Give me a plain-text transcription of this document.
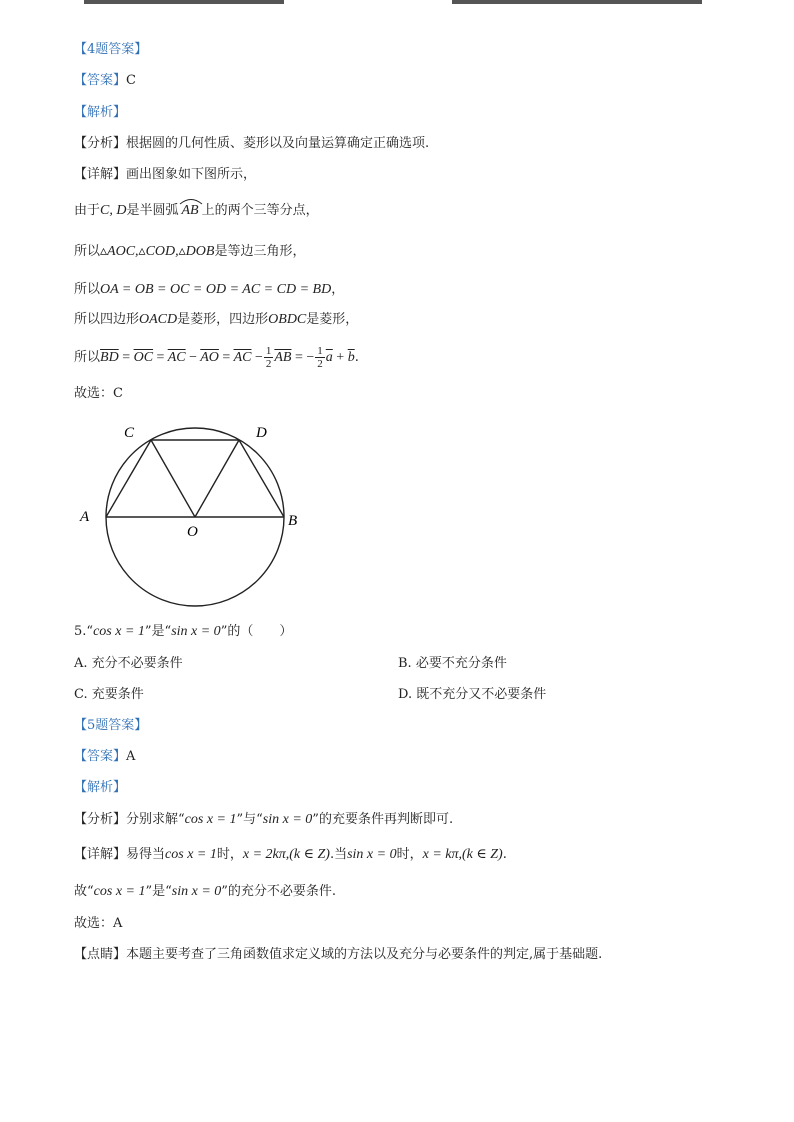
【4题答案】
【答案】C
【解析】
【分析】根据圆的几何性质、菱形以及向量运算确定正确选项.
【详解】画出图象如下图所示，
由于C, D是半圆弧 AB 上的两个三等分点，
所以▵AOC,▵COD,▵DOB是等边三角形，
所以OA = OB = OC = OD = AC = CD = BD，
所以四边形OACD是菱形，四边形OBDC是菱形，
所以$\overline{BD} = \overline{OC} = \overline{AC} - \overline{AO} = \overline{AC} - \frac{1}{2} \overline{AB}$ = − $\frac{1}{2} \overline{a} + \overline{b}$.
故选：C
C	D
A	B
O
5.“cos x = 1”是“sin x = 0”的（　　）
A. 充分不必要条件	B. 必要不充分条件
C. 充要条件	D. 既不充分又不必要条件
【5题答案】
【答案】A
【解析】
【分析】分别求解“cos x = 1”与“sin x = 0”的充要条件再判断即可.
【详解】易得当cos x = 1时，x = 2kπ,(k ∈ Z).当sin x = 0时，x = kπ,(k ∈ Z).
故“cos x = 1”是“sin x = 0”的充分不必要条件.
故选：A
【点睛】本题主要考查了三角函数值求定义域的方法以及充分与必要条件的判定,属于基础题.
